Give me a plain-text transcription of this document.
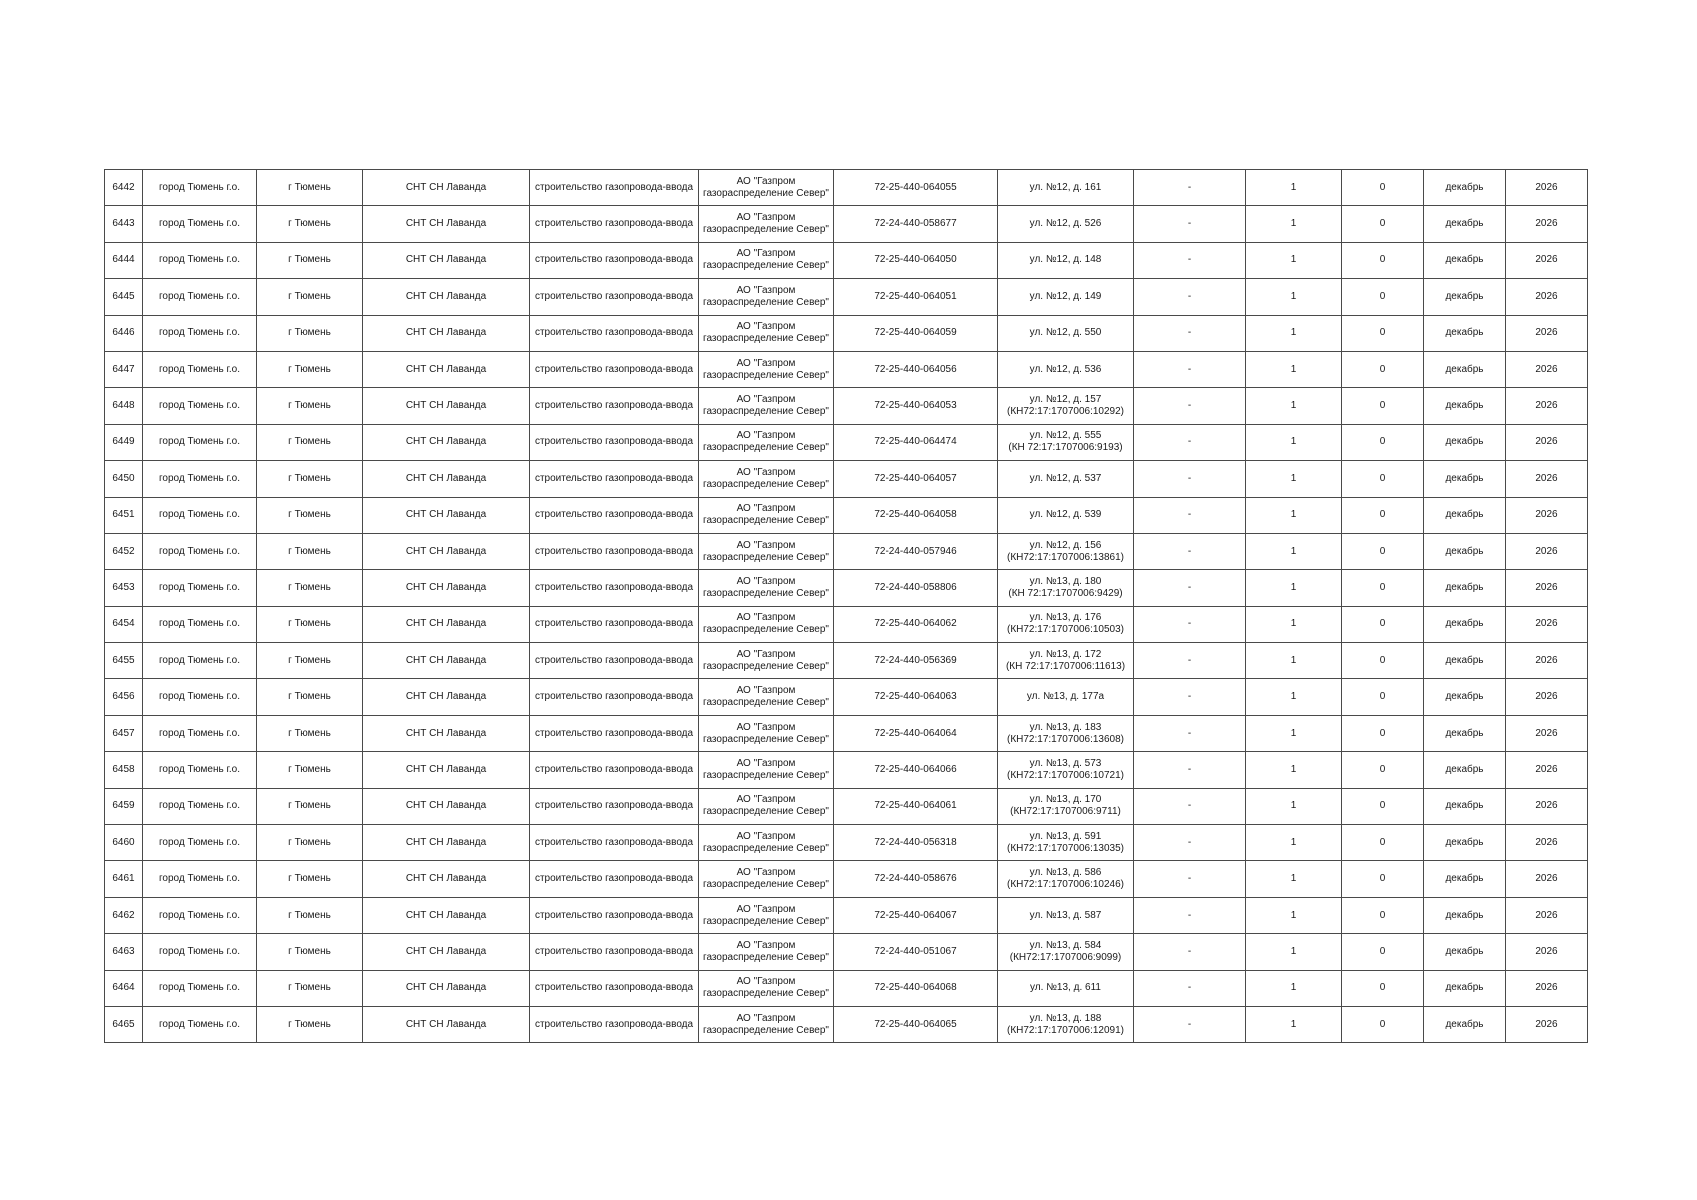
6442	город Тюмень г.о.	г Тюмень	СНТ СН Лаванда	строительство газопровода-ввода	АО "Газпром
газораспределение Север"	72-25-440-064055	ул. №12, д. 161	-	1	0	декабрь	2026
6443	город Тюмень г.о.	г Тюмень	СНТ СН Лаванда	строительство газопровода-ввода	АО "Газпром
газораспределение Север"	72-24-440-058677	ул. №12, д. 526	-	1	0	декабрь	2026
6444	город Тюмень г.о.	г Тюмень	СНТ СН Лаванда	строительство газопровода-ввода	АО "Газпром
газораспределение Север"	72-25-440-064050	ул. №12, д. 148	-	1	0	декабрь	2026
6445	город Тюмень г.о.	г Тюмень	СНТ СН Лаванда	строительство газопровода-ввода	АО "Газпром
газораспределение Север"	72-25-440-064051	ул. №12, д. 149	-	1	0	декабрь	2026
6446	город Тюмень г.о.	г Тюмень	СНТ СН Лаванда	строительство газопровода-ввода	АО "Газпром
газораспределение Север"	72-25-440-064059	ул. №12, д. 550	-	1	0	декабрь	2026
6447	город Тюмень г.о.	г Тюмень	СНТ СН Лаванда	строительство газопровода-ввода	АО "Газпром
газораспределение Север"	72-25-440-064056	ул. №12, д. 536	-	1	0	декабрь	2026
6448	город Тюмень г.о.	г Тюмень	СНТ СН Лаванда	строительство газопровода-ввода	АО "Газпром
газораспределение Север"	72-25-440-064053	ул. №12, д. 157
(КН72:17:1707006:10292)	-	1	0	декабрь	2026
6449	город Тюмень г.о.	г Тюмень	СНТ СН Лаванда	строительство газопровода-ввода	АО "Газпром
газораспределение Север"	72-25-440-064474	ул. №12, д. 555
(КН 72:17:1707006:9193)	-	1	0	декабрь	2026
6450	город Тюмень г.о.	г Тюмень	СНТ СН Лаванда	строительство газопровода-ввода	АО "Газпром
газораспределение Север"	72-25-440-064057	ул. №12, д. 537	-	1	0	декабрь	2026
6451	город Тюмень г.о.	г Тюмень	СНТ СН Лаванда	строительство газопровода-ввода	АО "Газпром
газораспределение Север"	72-25-440-064058	ул. №12, д. 539	-	1	0	декабрь	2026
6452	город Тюмень г.о.	г Тюмень	СНТ СН Лаванда	строительство газопровода-ввода	АО "Газпром
газораспределение Север"	72-24-440-057946	ул. №12, д. 156
(КН72:17:1707006:13861)	-	1	0	декабрь	2026
6453	город Тюмень г.о.	г Тюмень	СНТ СН Лаванда	строительство газопровода-ввода	АО "Газпром
газораспределение Север"	72-24-440-058806	ул. №13, д. 180
(КН 72:17:1707006:9429)	-	1	0	декабрь	2026
6454	город Тюмень г.о.	г Тюмень	СНТ СН Лаванда	строительство газопровода-ввода	АО "Газпром
газораспределение Север"	72-25-440-064062	ул. №13, д. 176
(КН72:17:1707006:10503)	-	1	0	декабрь	2026
6455	город Тюмень г.о.	г Тюмень	СНТ СН Лаванда	строительство газопровода-ввода	АО "Газпром
газораспределение Север"	72-24-440-056369	ул. №13, д. 172
(КН 72:17:1707006:11613)	-	1	0	декабрь	2026
6456	город Тюмень г.о.	г Тюмень	СНТ СН Лаванда	строительство газопровода-ввода	АО "Газпром
газораспределение Север"	72-25-440-064063	ул. №13, д. 177а	-	1	0	декабрь	2026
6457	город Тюмень г.о.	г Тюмень	СНТ СН Лаванда	строительство газопровода-ввода	АО "Газпром
газораспределение Север"	72-25-440-064064	ул. №13, д. 183
(КН72:17:1707006:13608)	-	1	0	декабрь	2026
6458	город Тюмень г.о.	г Тюмень	СНТ СН Лаванда	строительство газопровода-ввода	АО "Газпром
газораспределение Север"	72-25-440-064066	ул. №13, д. 573
(КН72:17:1707006:10721)	-	1	0	декабрь	2026
6459	город Тюмень г.о.	г Тюмень	СНТ СН Лаванда	строительство газопровода-ввода	АО "Газпром
газораспределение Север"	72-25-440-064061	ул. №13, д. 170
(КН72:17:1707006:9711)	-	1	0	декабрь	2026
6460	город Тюмень г.о.	г Тюмень	СНТ СН Лаванда	строительство газопровода-ввода	АО "Газпром
газораспределение Север"	72-24-440-056318	ул. №13, д. 591
(КН72:17:1707006:13035)	-	1	0	декабрь	2026
6461	город Тюмень г.о.	г Тюмень	СНТ СН Лаванда	строительство газопровода-ввода	АО "Газпром
газораспределение Север"	72-24-440-058676	ул. №13, д. 586
(КН72:17:1707006:10246)	-	1	0	декабрь	2026
6462	город Тюмень г.о.	г Тюмень	СНТ СН Лаванда	строительство газопровода-ввода	АО "Газпром
газораспределение Север"	72-25-440-064067	ул. №13, д. 587	-	1	0	декабрь	2026
6463	город Тюмень г.о.	г Тюмень	СНТ СН Лаванда	строительство газопровода-ввода	АО "Газпром
газораспределение Север"	72-24-440-051067	ул. №13, д. 584
(КН72:17:1707006:9099)	-	1	0	декабрь	2026
6464	город Тюмень г.о.	г Тюмень	СНТ СН Лаванда	строительство газопровода-ввода	АО "Газпром
газораспределение Север"	72-25-440-064068	ул. №13, д. 611	-	1	0	декабрь	2026
6465	город Тюмень г.о.	г Тюмень	СНТ СН Лаванда	строительство газопровода-ввода	АО "Газпром
газораспределение Север"	72-25-440-064065	ул. №13, д. 188
(КН72:17:1707006:12091)	-	1	0	декабрь	2026
